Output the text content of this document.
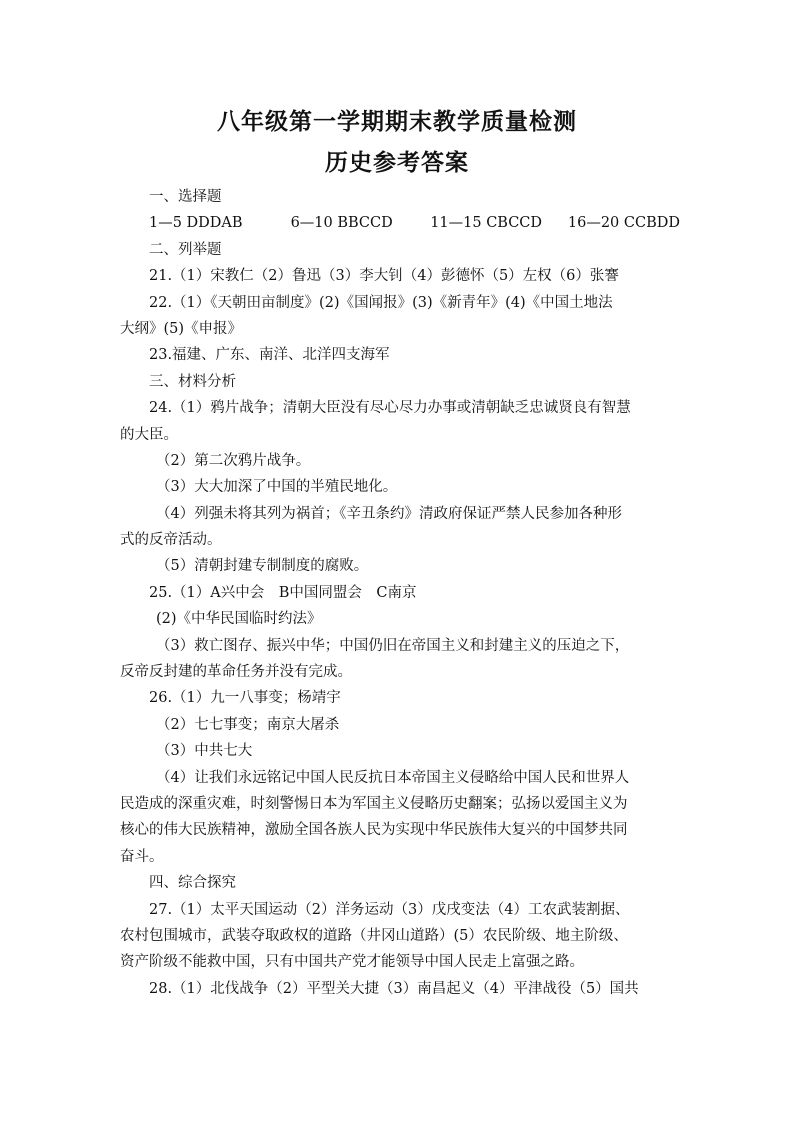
八年级第一学期期末教学质量检测
历史参考答案
一、选择题
1—5 DDDAB	6—10 BBCCD	11—15 CBCCD	16—20 CCBDD
二、列举题
21.（1）宋教仁（2）鲁迅（3）李大钊（4）彭德怀（5）左权（6）张謇
22.（1）《天朝田亩制度》(2)《国闻报》(3)《新青年》(4)《中国土地法
大纲》(5)《申报》
23.福建、广东、南洋、北洋四支海军
三、材料分析
24.（1）鸦片战争；清朝大臣没有尽心尽力办事或清朝缺乏忠诚贤良有智慧
的大臣。
（2）第二次鸦片战争。
（3）大大加深了中国的半殖民地化。
（4）列强未将其列为祸首；《辛丑条约》清政府保证严禁人民参加各种形
式的反帝活动。
（5）清朝封建专制制度的腐败。
25.（1）A兴中会　B中国同盟会　C南京
(2)《中华民国临时约法》
（3）救亡图存、振兴中华；中国仍旧在帝国主义和封建主义的压迫之下，
反帝反封建的革命任务并没有完成。
26.（1）九一八事变；杨靖宇
（2）七七事变；南京大屠杀
（3）中共七大
（4）让我们永远铭记中国人民反抗日本帝国主义侵略给中国人民和世界人
民造成的深重灾难，时刻警惕日本为军国主义侵略历史翻案；弘扬以爱国主义为
核心的伟大民族精神，激励全国各族人民为实现中华民族伟大复兴的中国梦共同
奋斗。
四、综合探究
27.（1）太平天国运动（2）洋务运动（3）戊戌变法（4）工农武装割据、
农村包围城市，武装夺取政权的道路（井冈山道路）(5）农民阶级、地主阶级、
资产阶级不能救中国，只有中国共产党才能领导中国人民走上富强之路。
28.（1）北伐战争（2）平型关大捷（3）南昌起义（4）平津战役（5）国共
